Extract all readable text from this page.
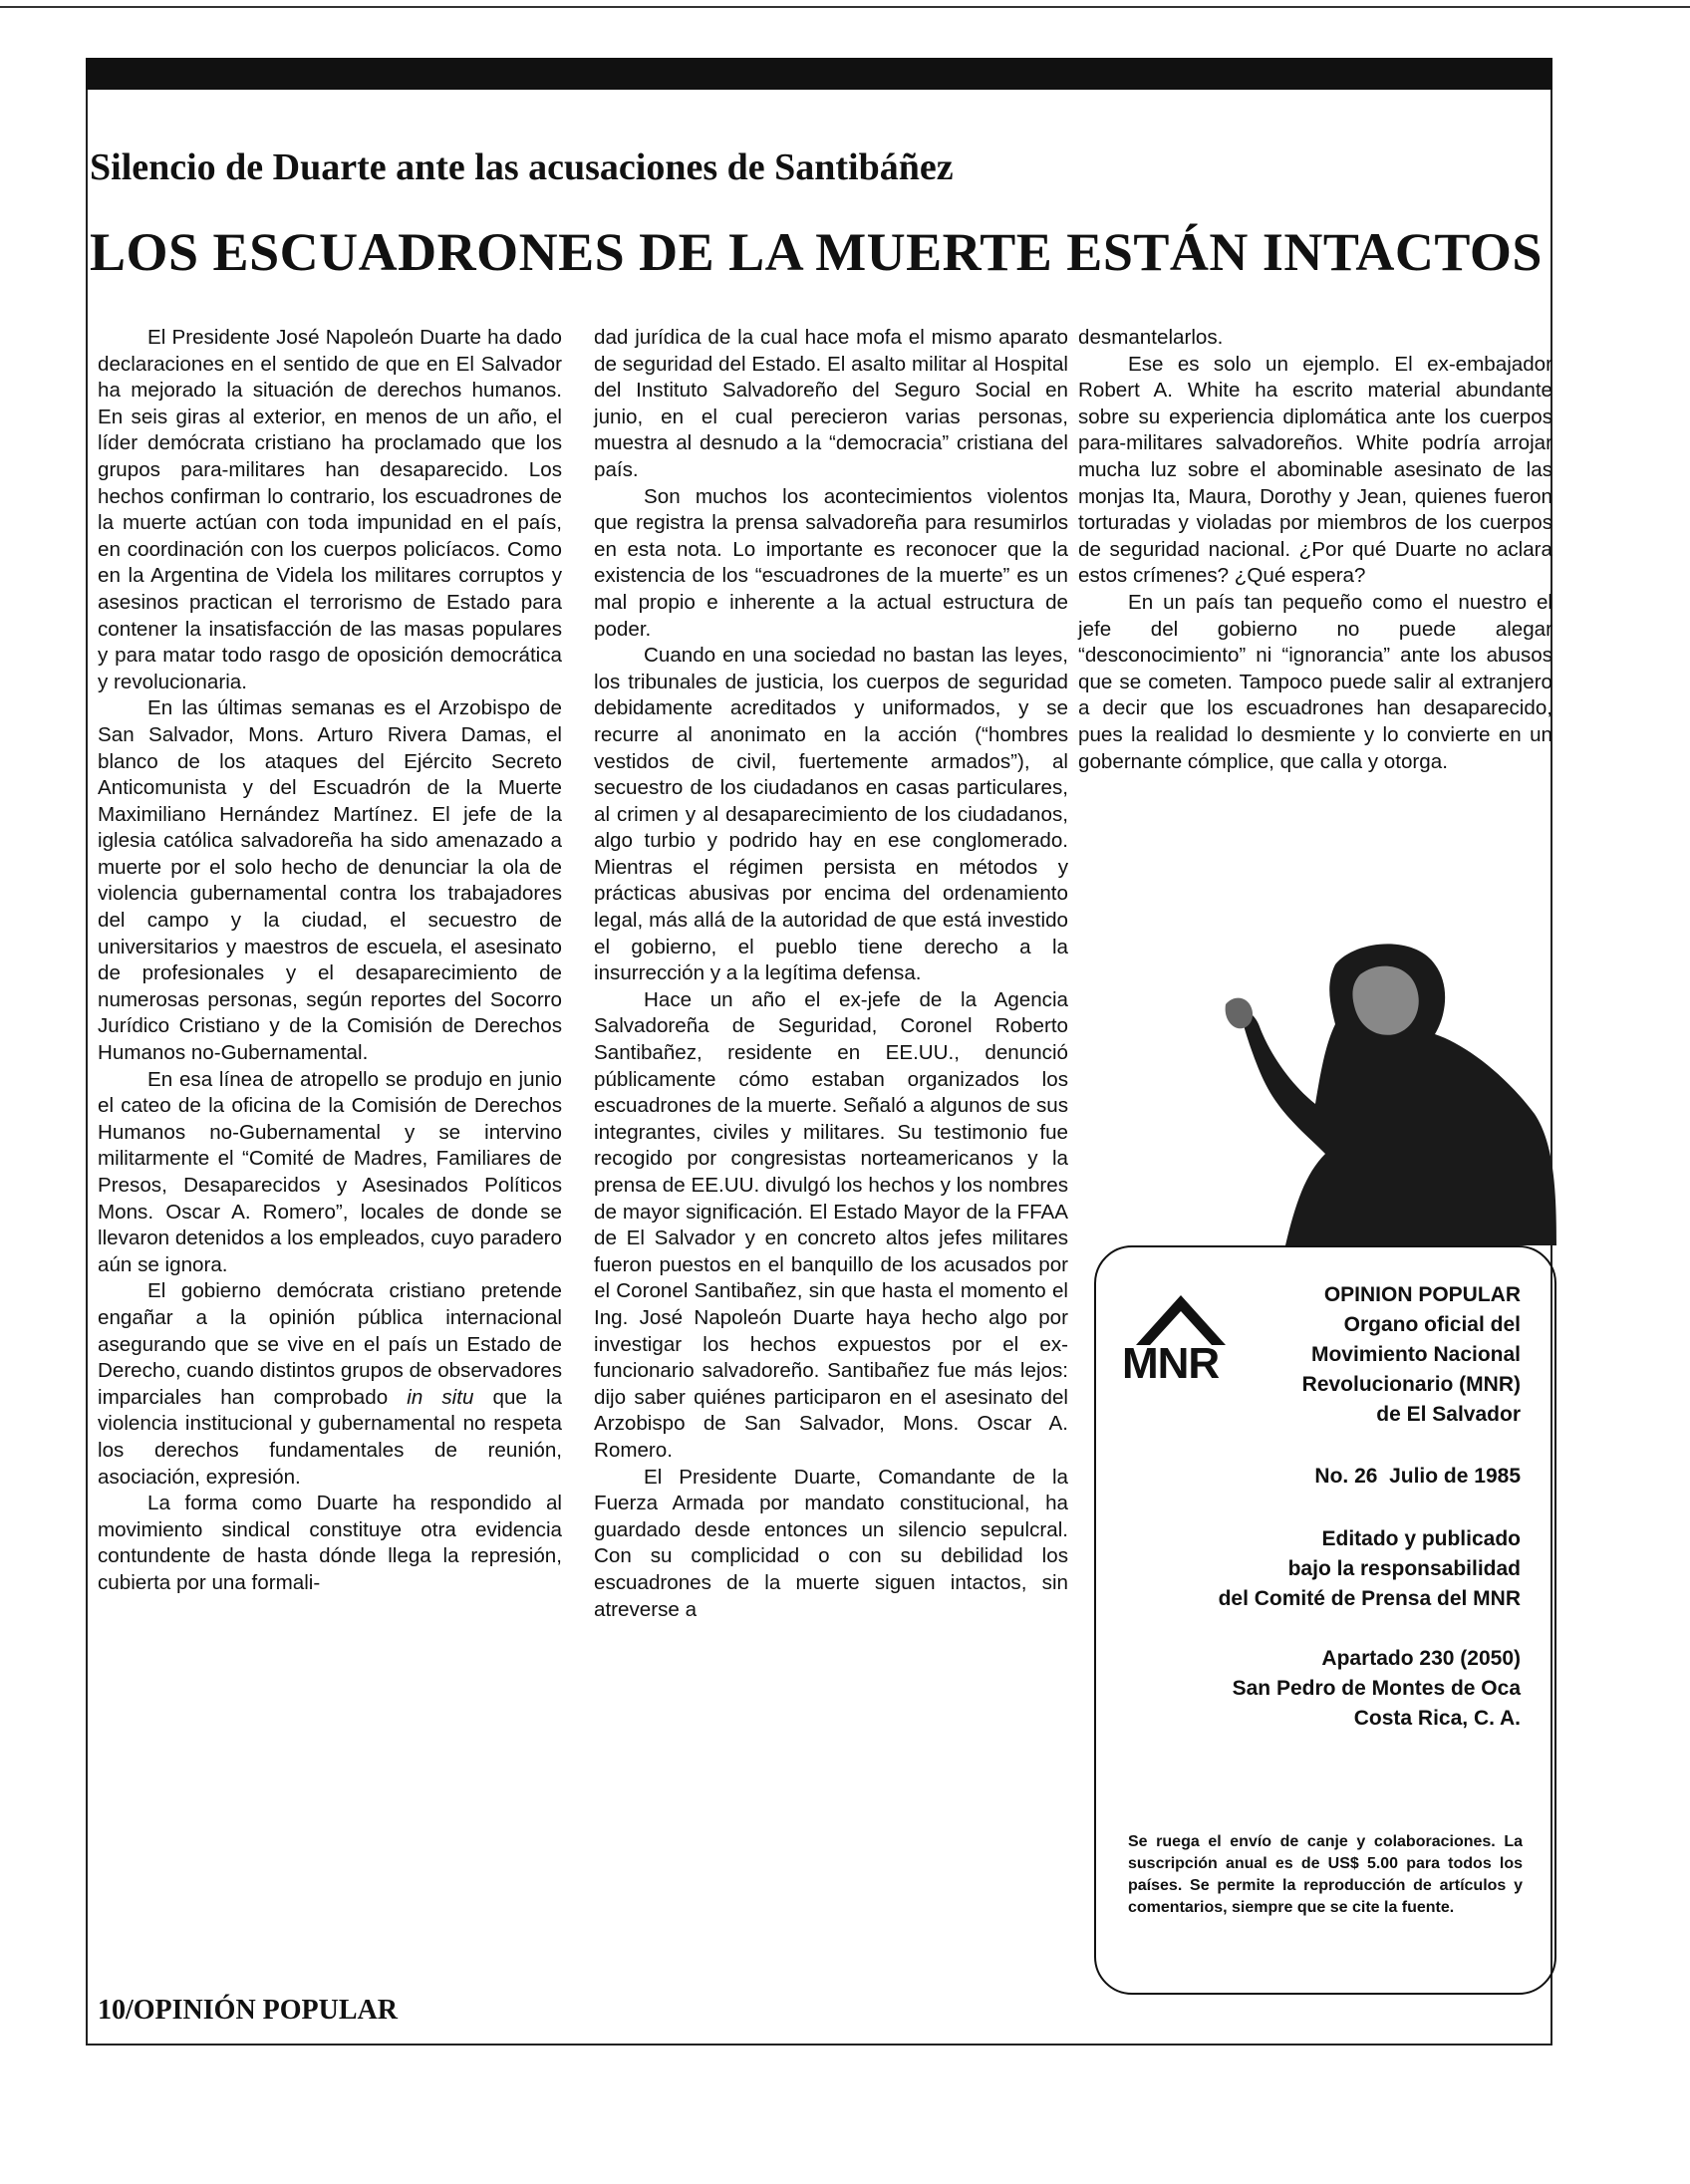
Silencio de Duarte ante las acusaciones de Santibáñez
LOS ESCUADRONES DE LA MUERTE ESTÁN INTACTOS

El Presidente José Napoleón Duarte ha dado declaraciones en el sentido de que en El Salvador ha mejorado la situación de derechos humanos. En seis giras al exterior, en menos de un año, el líder demócrata cristiano ha proclamado que los grupos para-militares han desaparecido. Los hechos confirman lo contrario, los escuadrones de la muerte actúan con toda impunidad en el país, en coordinación con los cuerpos policíacos. Como en la Argentina de Videla los militares corruptos y asesinos practican el terrorismo de Estado para contener la insatisfacción de las masas populares y para matar todo rasgo de oposición democrática y revolucionaria.

En las últimas semanas es el Arzobispo de San Salvador, Mons. Arturo Rivera Damas, el blanco de los ataques del Ejército Secreto Anticomunista y del Escuadrón de la Muerte Maximiliano Hernández Martínez. El jefe de la iglesia católica salvadoreña ha sido amenazado a muerte por el solo hecho de denunciar la ola de violencia gubernamental contra los trabajadores del campo y la ciudad, el secuestro de universitarios y maestros de escuela, el asesinato de profesionales y el desaparecimiento de numerosas personas, según reportes del Socorro Jurídico Cristiano y de la Comisión de Derechos Humanos no-Gubernamental.

En esa línea de atropello se produjo en junio el cateo de la oficina de la Comisión de Derechos Humanos no-Gubernamental y se intervino militarmente el “Comité de Madres, Familiares de Presos, Desaparecidos y Asesinados Políticos Mons. Oscar A. Romero”, locales de donde se llevaron detenidos a los empleados, cuyo paradero aún se ignora.

El gobierno demócrata cristiano pretende engañar a la opinión pública internacional asegurando que se vive en el país un Estado de Derecho, cuando distintos grupos de observadores imparciales han comprobado in situ que la violencia institucional y gubernamental no respeta los derechos fundamentales de reunión, asociación, expresión.

La forma como Duarte ha respondido al movimiento sindical constituye otra evidencia contundente de hasta dónde llega la represión, cubierta por una formali-

dad jurídica de la cual hace mofa el mismo aparato de seguridad del Estado. El asalto militar al Hospital del Instituto Salvadoreño del Seguro Social en junio, en el cual perecieron varias personas, muestra al desnudo a la “democracia” cristiana del país.

Son muchos los acontecimientos violentos que registra la prensa salvadoreña para resumirlos en esta nota. Lo importante es reconocer que la existencia de los “escuadrones de la muerte” es un mal propio e inherente a la actual estructura de poder.

Cuando en una sociedad no bastan las leyes, los tribunales de justicia, los cuerpos de seguridad debidamente acreditados y uniformados, y se recurre al anonimato en la acción (“hombres vestidos de civil, fuertemente armados”), al secuestro de los ciudadanos en casas particulares, al crimen y al desaparecimiento de los ciudadanos, algo turbio y podrido hay en ese conglomerado. Mientras el régimen persista en métodos y prácticas abusivas por encima del ordenamiento legal, más allá de la autoridad de que está investido el gobierno, el pueblo tiene derecho a la insurrección y a la legítima defensa.

Hace un año el ex-jefe de la Agencia Salvadoreña de Seguridad, Coronel Roberto Santibañez, residente en EE.UU., denunció públicamente cómo estaban organizados los escuadrones de la muerte. Señaló a algunos de sus integrantes, civiles y militares. Su testimonio fue recogido por congresistas norteamericanos y la prensa de EE.UU. divulgó los hechos y los nombres de mayor significación. El Estado Mayor de la FFAA de El Salvador y en concreto altos jefes militares fueron puestos en el banquillo de los acusados por el Coronel Santibañez, sin que hasta el momento el Ing. José Napoleón Duarte haya hecho algo por investigar los hechos expuestos por el ex-funcionario salvadoreño. Santibañez fue más lejos: dijo saber quiénes participaron en el asesinato del Arzobispo de San Salvador, Mons. Oscar A. Romero.

El Presidente Duarte, Comandante de la Fuerza Armada por mandato constitucional, ha guardado desde entonces un silencio sepulcral. Con su complicidad o con su debilidad los escuadrones de la muerte siguen intactos, sin atreverse a

desmantelarlos.

Ese es solo un ejemplo. El ex-embajador Robert A. White ha escrito material abundante sobre su experiencia diplomática ante los cuerpos para-militares salvadoreños. White podría arrojar mucha luz sobre el abominable asesinato de las monjas Ita, Maura, Dorothy y Jean, quienes fueron torturadas y violadas por miembros de los cuerpos de seguridad nacional. ¿Por qué Duarte no aclara estos crímenes? ¿Qué espera?

En un país tan pequeño como el nuestro el jefe del gobierno no puede alegar “desconocimiento” ni “ignorancia” ante los abusos que se cometen. Tampoco puede salir al extranjero a decir que los escuadrones han desaparecido, pues la realidad lo desmiente y lo convierte en un gobernante cómplice, que calla y otorga.

10/OPINIÓN POPULAR
MNR
OPINION POPULAR
Organo oficial del
Movimiento Nacional
Revolucionario (MNR)
de El Salvador
No. 26  Julio de 1985
Editado y publicado
bajo la responsabilidad
del Comité de Prensa del MNR
Apartado 230 (2050)
San Pedro de Montes de Oca
Costa Rica, C. A.
Se ruega el envío de canje y colaboraciones. La suscripción anual es de US$ 5.00 para todos los países. Se permite la reproducción de artículos y comentarios, siempre que se cite la fuente.
